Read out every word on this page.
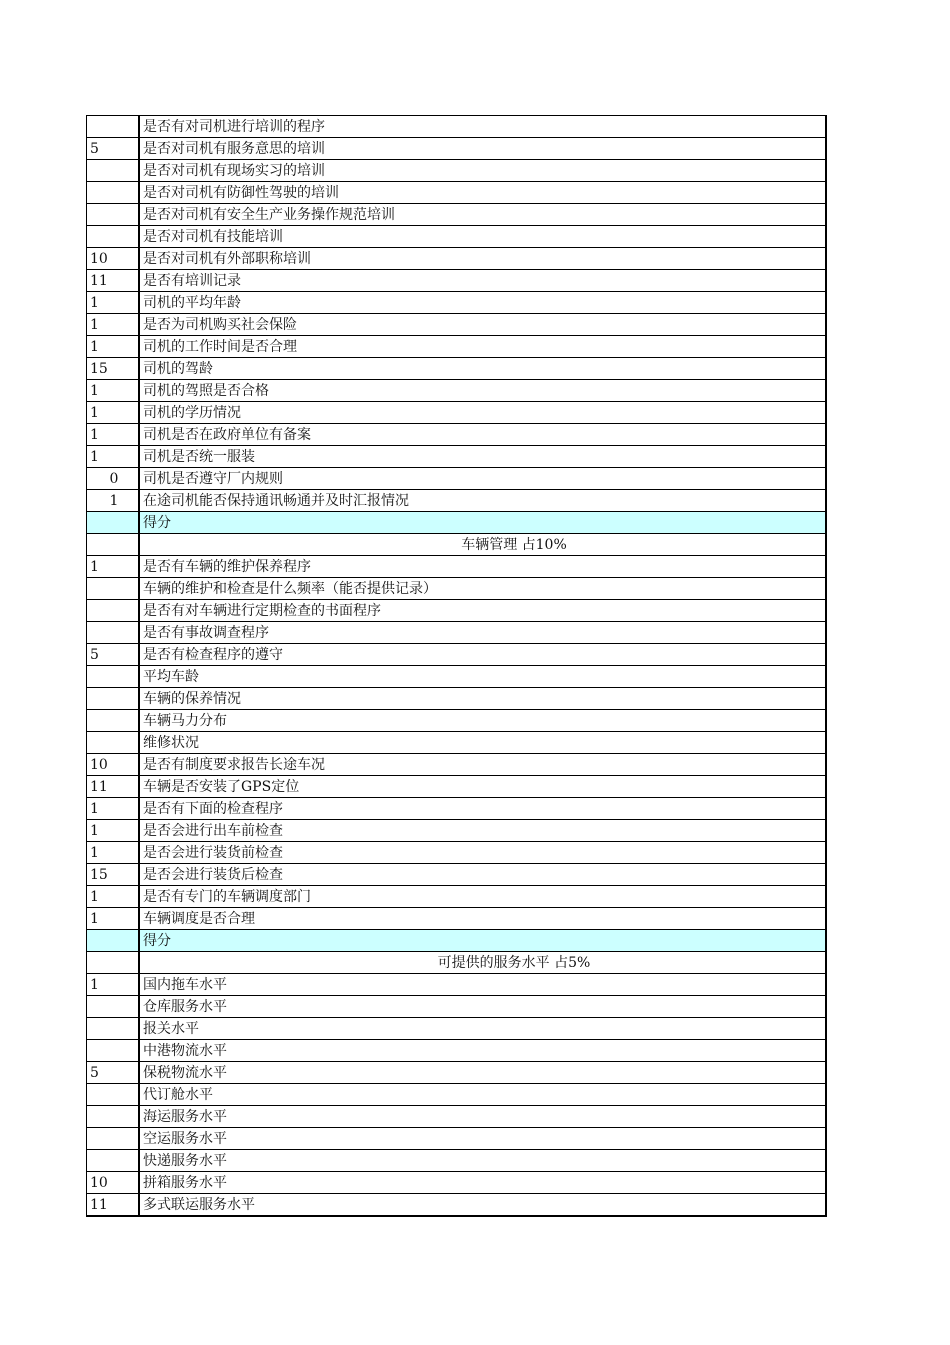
	是否有对司机进行培训的程序
5	是否对司机有服务意思的培训
	是否对司机有现场实习的培训
	是否对司机有防御性驾驶的培训
	是否对司机有安全生产业务操作规范培训
	是否对司机有技能培训
10	是否对司机有外部职称培训
11	是否有培训记录
1	司机的平均年龄
1	是否为司机购买社会保险
1	司机的工作时间是否合理
15	司机的驾龄
1	司机的驾照是否合格
1	司机的学历情况
1	司机是否在政府单位有备案
1	司机是否统一服装
0	司机是否遵守厂内规则
1	在途司机能否保持通讯畅通并及时汇报情况
	得分
	车辆管理 占10%
1	是否有车辆的维护保养程序
	车辆的维护和检查是什么频率（能否提供记录）
	是否有对车辆进行定期检查的书面程序
	是否有事故调查程序
5	是否有检查程序的遵守
	平均车龄
	车辆的保养情况
	车辆马力分布
	维修状况
10	是否有制度要求报告长途车况
11	车辆是否安装了GPS定位
1	是否有下面的检查程序
1	是否会进行出车前检查
1	是否会进行装货前检查
15	是否会进行装货后检查
1	是否有专门的车辆调度部门
1	车辆调度是否合理
	得分
	可提供的服务水平 占5%
1	国内拖车水平
	仓库服务水平
	报关水平
	中港物流水平
5	保税物流水平
	代订舱水平
	海运服务水平
	空运服务水平
	快递服务水平
10	拼箱服务水平
11	多式联运服务水平
